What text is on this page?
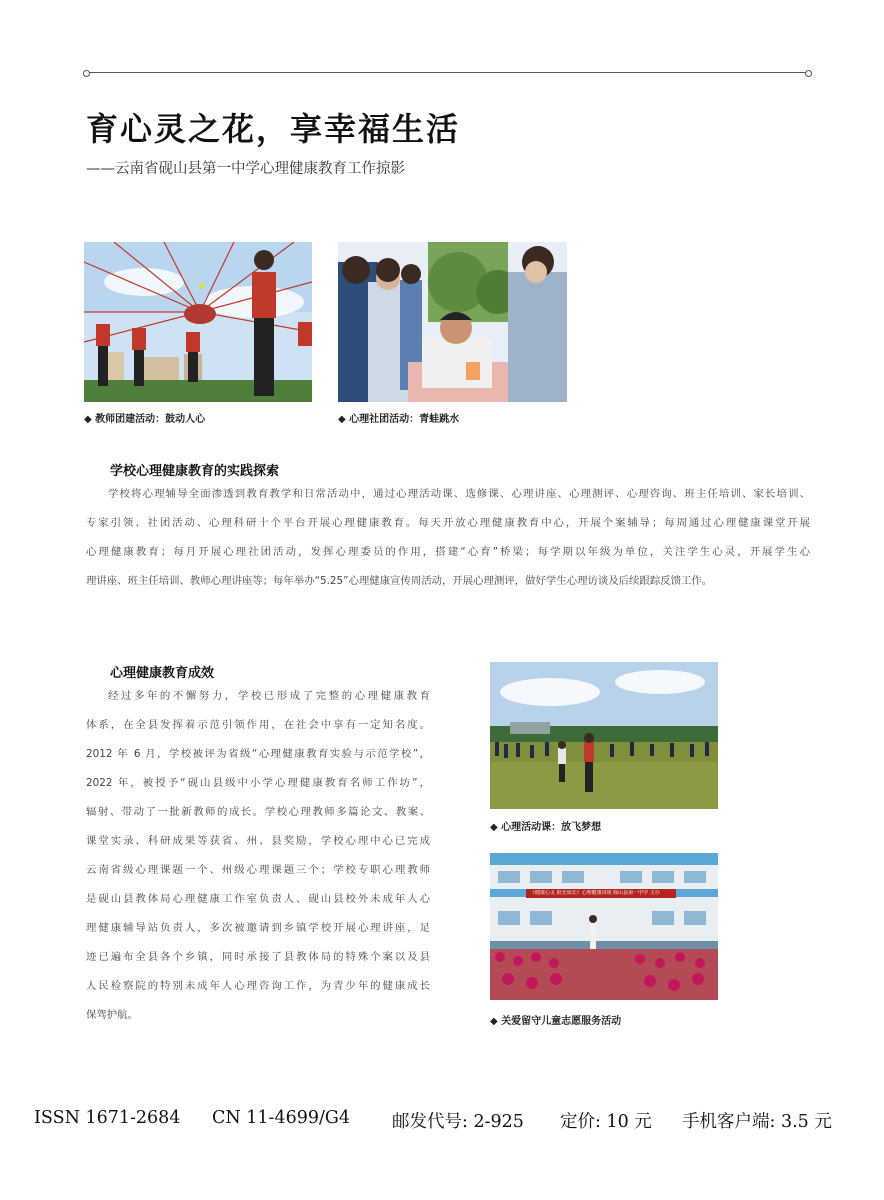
育心灵之花，享幸福生活
——云南省砚山县第一中学心理健康教育工作掠影
◆ 教师团建活动：鼓动人心	◆ 心理社团活动：青蛙跳水
学校心理健康教育的实践探索
学校将心理辅导全面渗透到教育教学和日常活动中，通过心理活动课、选修课、心理讲座、心理测评、心理咨询、班主任培训、家长培训、
专家引领、社团活动、心理科研十个平台开展心理健康教育。每天开放心理健康教育中心，开展个案辅导；每周通过心理健康课堂开展
心理健康教育；每月开展心理社团活动，发挥心理委员的作用，搭建“心育”桥梁；每学期以年级为单位，关注学生心灵，开展学生心
理讲座、班主任培训、教师心理讲座等；每年举办“5.25”心理健康宣传周活动，开展心理测评，做好学生心理访谈及后续跟踪反馈工作。
心理健康教育成效
经过多年的不懈努力，学校已形成了完整的心理健康教育
体系，在全县发挥着示范引领作用，在社会中享有一定知名度。
2012 年 6 月，学校被评为省级“心理健康教育实验与示范学校”，
2022 年，被授予“砚山县级中小学心理健康教育名师工作坊”，
辐射、带动了一批新教师的成长。学校心理教师多篇论文、教案、
课堂实录、科研成果等获省、州、县奖励，学校心理中心已完成
云南省级心理课题一个、州级心理课题三个；学校专职心理教师
是砚山县教体局心理健康工作室负责人、砚山县校外未成年人心
理健康辅导站负责人，多次被邀请到乡镇学校开展心理讲座，足
迹已遍布全县各个乡镇，同时承接了县教体局的特殊个案以及县
人民检察院的特别未成年人心理咨询工作，为青少年的健康成长
保驾护航。
◆ 心理活动课：放飞梦想
《健康心灵 阳光成长》心理健康讲座 砚山县第一中学 主办
◆ 关爱留守儿童志愿服务活动
ISSN 1671-2684 CN 11-4699/G4 邮发代号: 2-925 定价: 10 元 手机客户端: 3.5 元
